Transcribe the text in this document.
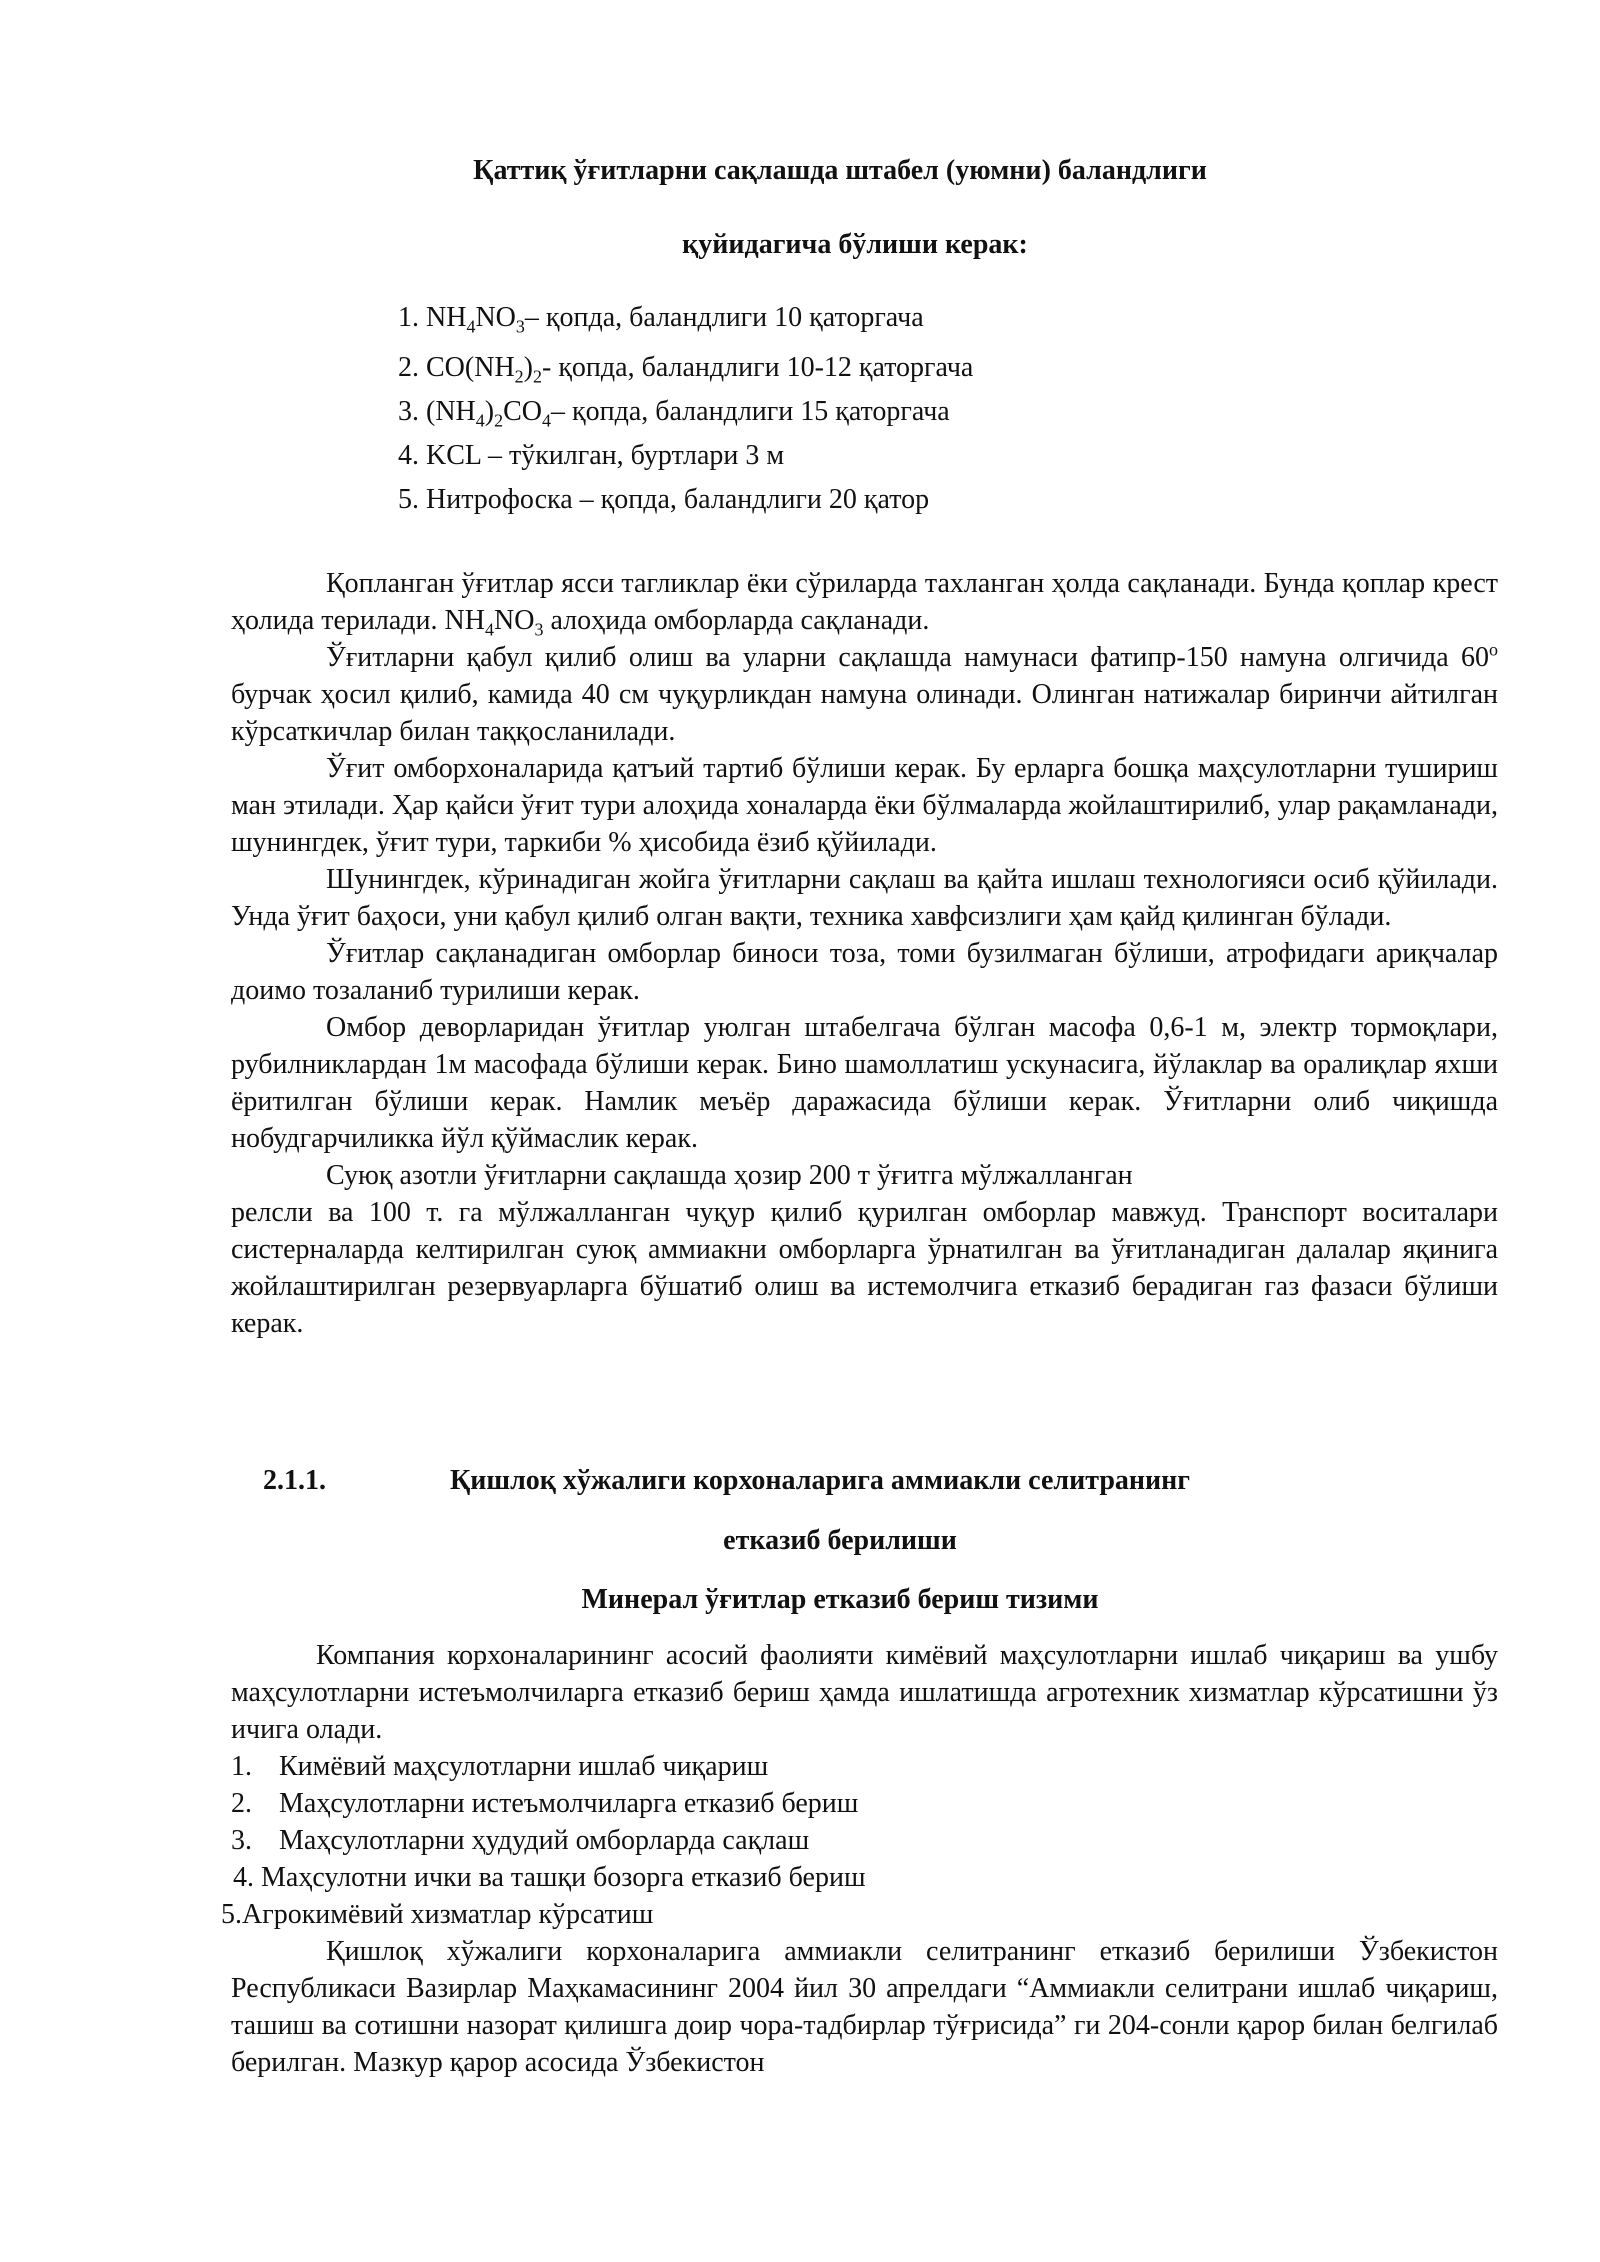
Қаттиқ ўғитларни сақлашда штабел (уюмни) баландлиги
қуйидагича бўлиши керак:
1. $NH_4NO_3-$ қопда, баландлиги 10 қаторгача
2. $CO(NH_2)_2-$ қопда, баландлиги 10-12 қаторгача
3. $(NH_4)_2CO_4-$ қопда, баландлиги 15 қаторгача
4. KCL – тўкилган, буртлари 3 м
5. Нитрофоска – қопда, баландлиги 20 қатор

Қопланган ўғитлар ясси тагликлар ёки сўриларда тахланган ҳолда сақланади. Бунда қоплар крест ҳолида терилади. $NH_4NO_3$ алоҳида омборларда сақланади.

Ўғитларни қабул қилиб олиш ва уларни сақлашда намунаси фатипр-150 намуна олгичида $60^о$ бурчак ҳосил қилиб, камида 40 см чуқурликдан намуна олинади. Олинган натижалар биринчи айтилган кўрсаткичлар билан таққосланилади.

Ўғит омборхоналарида қатъий тартиб бўлиши керак. Бу ерларга бошқа маҳсулотларни тушириш ман этилади. Ҳар қайси ўғит тури алоҳида хоналарда ёки бўлмаларда жойлаштирилиб, улар рақамланади, шунингдек, ўғит тури, таркиби % ҳисобида ёзиб қўйилади.

Шунингдек, кўринадиган жойга ўғитларни сақлаш ва қайта ишлаш технологияси осиб қўйилади. Унда ўғит баҳоси, уни қабул қилиб олган вақти, техника хавфсизлиги ҳам қайд қилинган бўлади.

Ўғитлар сақланадиган омборлар биноси тоза, томи бузилмаган бўлиши, атрофидаги ариқчалар доимо тозаланиб турилиши керак.

Омбор деворларидан ўғитлар уюлган штабелгача бўлган масофа 0,6-1 м, электр тормоқлари, рубилниклардан 1м масофада бўлиши керак. Бино шамоллатиш ускунасига, йўлаклар ва оралиқлар яхши ёритилган бўлиши керак. Намлик меъёр даражасида бўлиши керак. Ўғитларни олиб чиқишда нобудгарчиликка йўл қўймаслик керак.

Суюқ азотли ўғитларни сақлашда ҳозир 200 т ўғитга мўлжалланган

релсли ва 100 т. га мўлжалланган чуқур қилиб қурилган омборлар мавжуд. Транспорт воситалари систерналарда келтирилган суюқ аммиакни омборларга ўрнатилган ва ўғитланадиган далалар яқинига жойлаштирилган резервуарларга бўшатиб олиш ва истемолчига етказиб берадиган газ фазаси бўлиши керак.

2.1.1.	Қишлоқ хўжалиги корхоналарига аммиакли селитранинг
етказиб берилиши
Минерал ўғитлар етказиб бериш тизими

Компания корхоналарининг асосий фаолияти кимёвий маҳсулотларни ишлаб чиқариш ва ушбу маҳсулотларни истеъмолчиларга етказиб бериш ҳамда ишлатишда агротехник хизматлар кўрсатишни ўз ичига олади.

1. Кимёвий маҳсулотларни ишлаб чиқариш
2. Маҳсулотларни истеъмолчиларга етказиб бериш
3. Маҳсулотларни ҳудудий омборларда сақлаш
4. Маҳсулотни ички ва ташқи бозорга етказиб бериш
5.Агрокимёвий хизматлар кўрсатиш

Қишлоқ хўжалиги корхоналарига аммиакли селитранинг етказиб берилиши Ўзбекистон Республикаси Вазирлар Маҳкамасининг 2004 йил 30 апрелдаги “Аммиакли селитрани ишлаб чиқариш, ташиш ва сотишни назорат қилишга доир чора-тадбирлар тўғрисида” ги 204-сонли қарор билан белгилаб берилган. Мазкур қарор асосида Ўзбекистон
